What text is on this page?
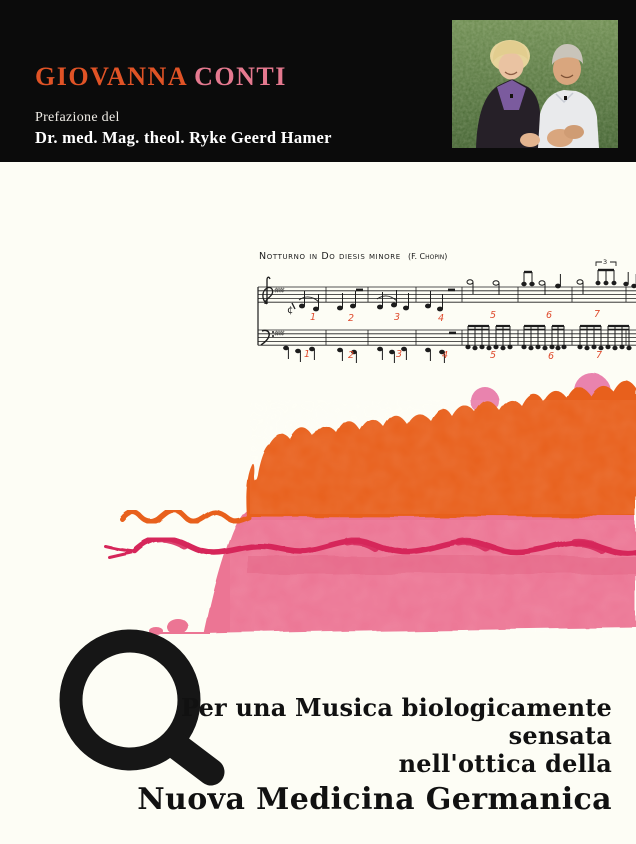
GIOVANNA CONTI
Prefazione del
Dr. med. Mag. theol. Ryke Geerd Hamer
Notturno in Do diesis minore (F. Chopin)
♯♯♯♯
♯♯♯♯
¢
3
1	2	3	4	5	6	7
1	2	3	4	5	6	7
Per una Musica biologicamente sensata
nell'ottica della
Nuova Medicina Germanica
